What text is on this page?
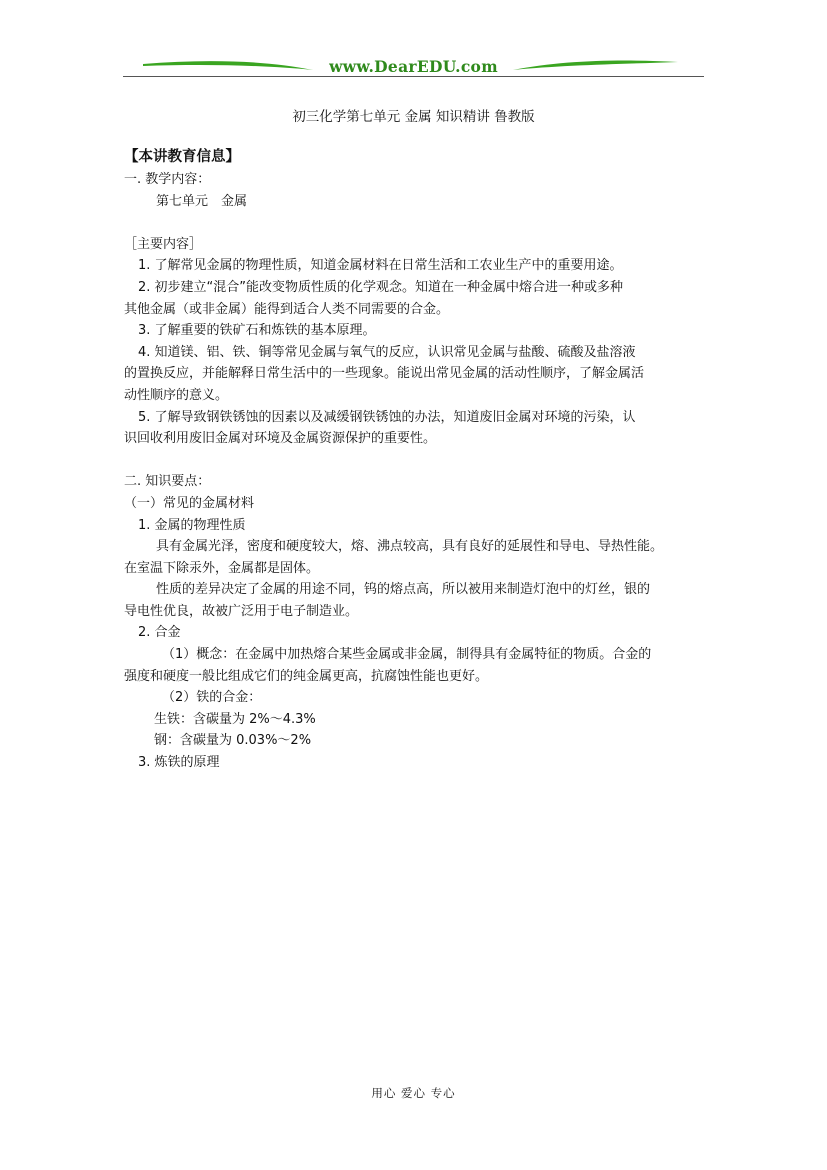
www.DearEDU.com
初三化学第七单元 金属 知识精讲 鲁教版
【本讲教育信息】
一. 教学内容：
第七单元　金属
［主要内容］
1. 了解常见金属的物理性质，知道金属材料在日常生活和工农业生产中的重要用途。
2. 初步建立“混合”能改变物质性质的化学观念。知道在一种金属中熔合进一种或多种
其他金属（或非金属）能得到适合人类不同需要的合金。
3. 了解重要的铁矿石和炼铁的基本原理。
4. 知道镁、铝、铁、铜等常见金属与氧气的反应，认识常见金属与盐酸、硫酸及盐溶液
的置换反应，并能解释日常生活中的一些现象。能说出常见金属的活动性顺序，了解金属活
动性顺序的意义。
5. 了解导致钢铁锈蚀的因素以及减缓钢铁锈蚀的办法，知道废旧金属对环境的污染，认
识回收利用废旧金属对环境及金属资源保护的重要性。
二. 知识要点：
（一）常见的金属材料
1. 金属的物理性质
具有金属光泽，密度和硬度较大，熔、沸点较高，具有良好的延展性和导电、导热性能。
在室温下除汞外，金属都是固体。
性质的差异决定了金属的用途不同，钨的熔点高，所以被用来制造灯泡中的灯丝，银的
导电性优良，故被广泛用于电子制造业。
2. 合金
（1）概念：在金属中加热熔合某些金属或非金属，制得具有金属特征的物质。合金的
强度和硬度一般比组成它们的纯金属更高，抗腐蚀性能也更好。
（2）铁的合金：
生铁：含碳量为 2%～4.3%
钢：含碳量为 0.03%～2%
3. 炼铁的原理
用心 爱心 专心
